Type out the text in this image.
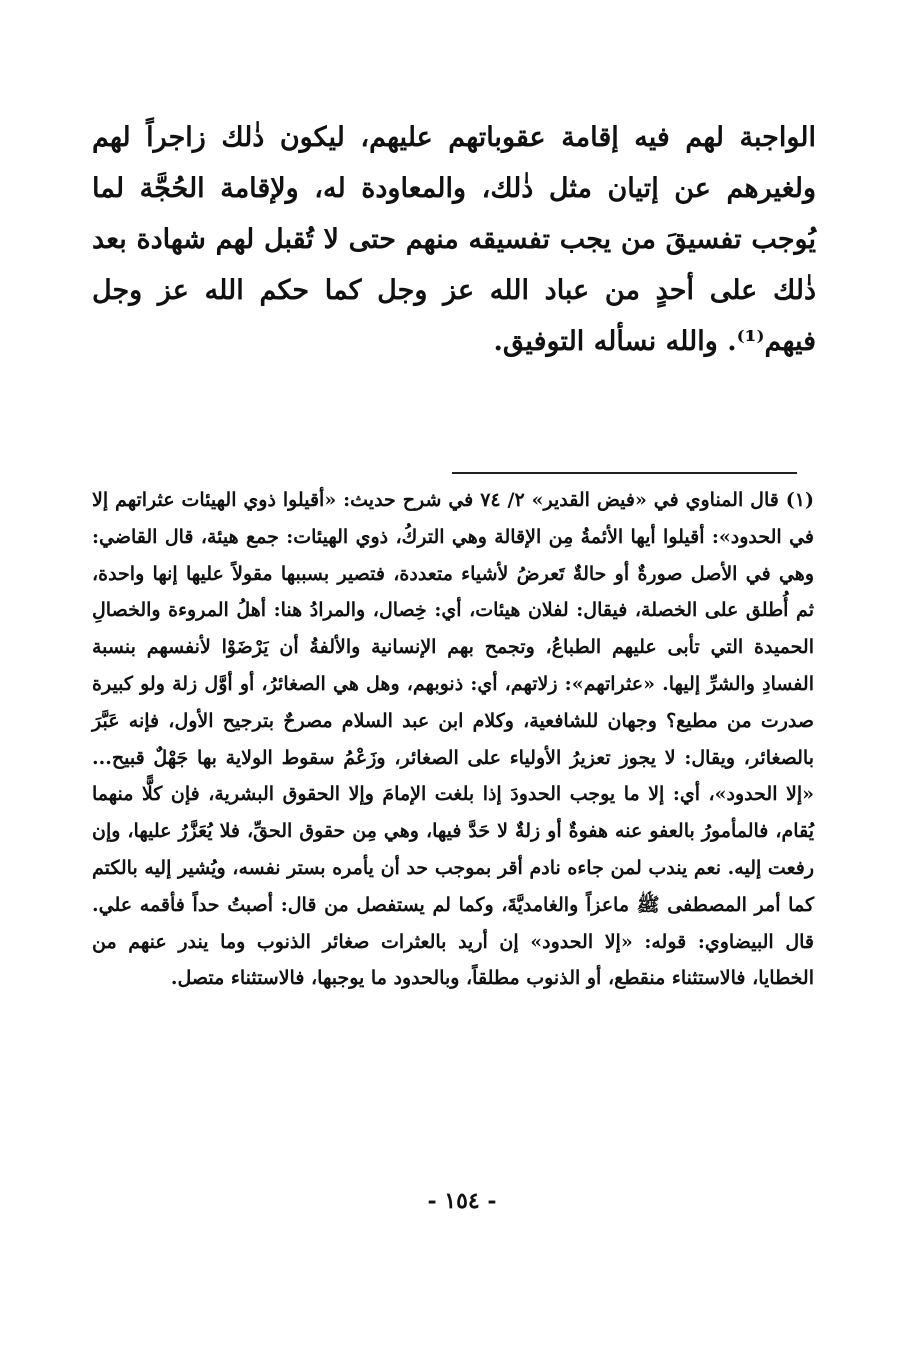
الواجبة لهم فيه إقامة عقوباتهم عليهم، ليكون ذٰلك زاجراً لهم ولغيرهم عن إتيان مثل ذٰلك، والمعاودة له، ولإقامة الحُجَّة لما يُوجب تفسيقَ من يجب تفسيقه منهم حتى لا تُقبل لهم شهادة بعد ذٰلك على أحدٍ من عباد الله عز وجل كما حكم الله عز وجل فيهم⁽¹⁾. والله نسأله التوفيق.

(١) قال المناوي في «فيض القدير» ٢/ ٧٤ في شرح حديث: «أقيلوا ذوي الهيئات عثراتهم إلا في الحدود»: أقيلوا أيها الأئمةُ مِن الإقالة وهي التركُ، ذوي الهيئات: جمع هيئة، قال القاضي: وهي في الأصل صورةٌ أو حالةٌ تَعرضُ لأشياء متعددة، فتصير بسببها مقولاً عليها إنها واحدة، ثم أُطلق على الخصلة، فيقال: لفلان هيئات، أي: خِصال، والمرادُ هنا: أهلُ المروءة والخصالِ الحميدة التي تأبى عليهم الطباعُ، وتجمح بهم الإنسانية والألفةُ أن يَرْضَوْا لأنفسهم بنسبة الفسادِ والشرِّ إليها. «عثراتهم»: زلاتهم، أي: ذنوبهم، وهل هي الصغائرُ، أو أوَّل زلة ولو كبيرة صدرت من مطيع؟ وجهان للشافعية، وكلام ابن عبد السلام مصرحٌ بترجيح الأول، فإنه عَبَّرَ بالصغائر، ويقال: لا يجوز تعزيرُ الأولياء على الصغائر، وزَعْمُ سقوط الولاية بها جَهْلٌ قبيح... «إلا الحدود»، أي: إلا ما يوجب الحدودَ إذا بلغت الإمامَ وإلا الحقوق البشرية، فإن كلًّا منهما يُقام، فالمأمورُ بالعفو عنه هفوةٌ أو زلةٌ لا حَدَّ فيها، وهي مِن حقوق الحقِّ، فلا يُعَزَّرُ عليها، وإن رفعت إليه. نعم يندب لمن جاءه نادم أقر بموجب حد أن يأمره بستر نفسه، ويُشير إليه بالكتم كما أمر المصطفى ﷺ ماعزاً والغامديَّةَ، وكما لم يستفصل من قال: أصبتُ حداً فأقمه علي. قال البيضاوي: قوله: «إلا الحدود» إن أريد بالعثرات صغائر الذنوب وما يندر عنهم من الخطايا، فالاستثناء منقطع، أو الذنوب مطلقاً، وبالحدود ما يوجبها، فالاستثناء متصل.

- ١٥٤ -
